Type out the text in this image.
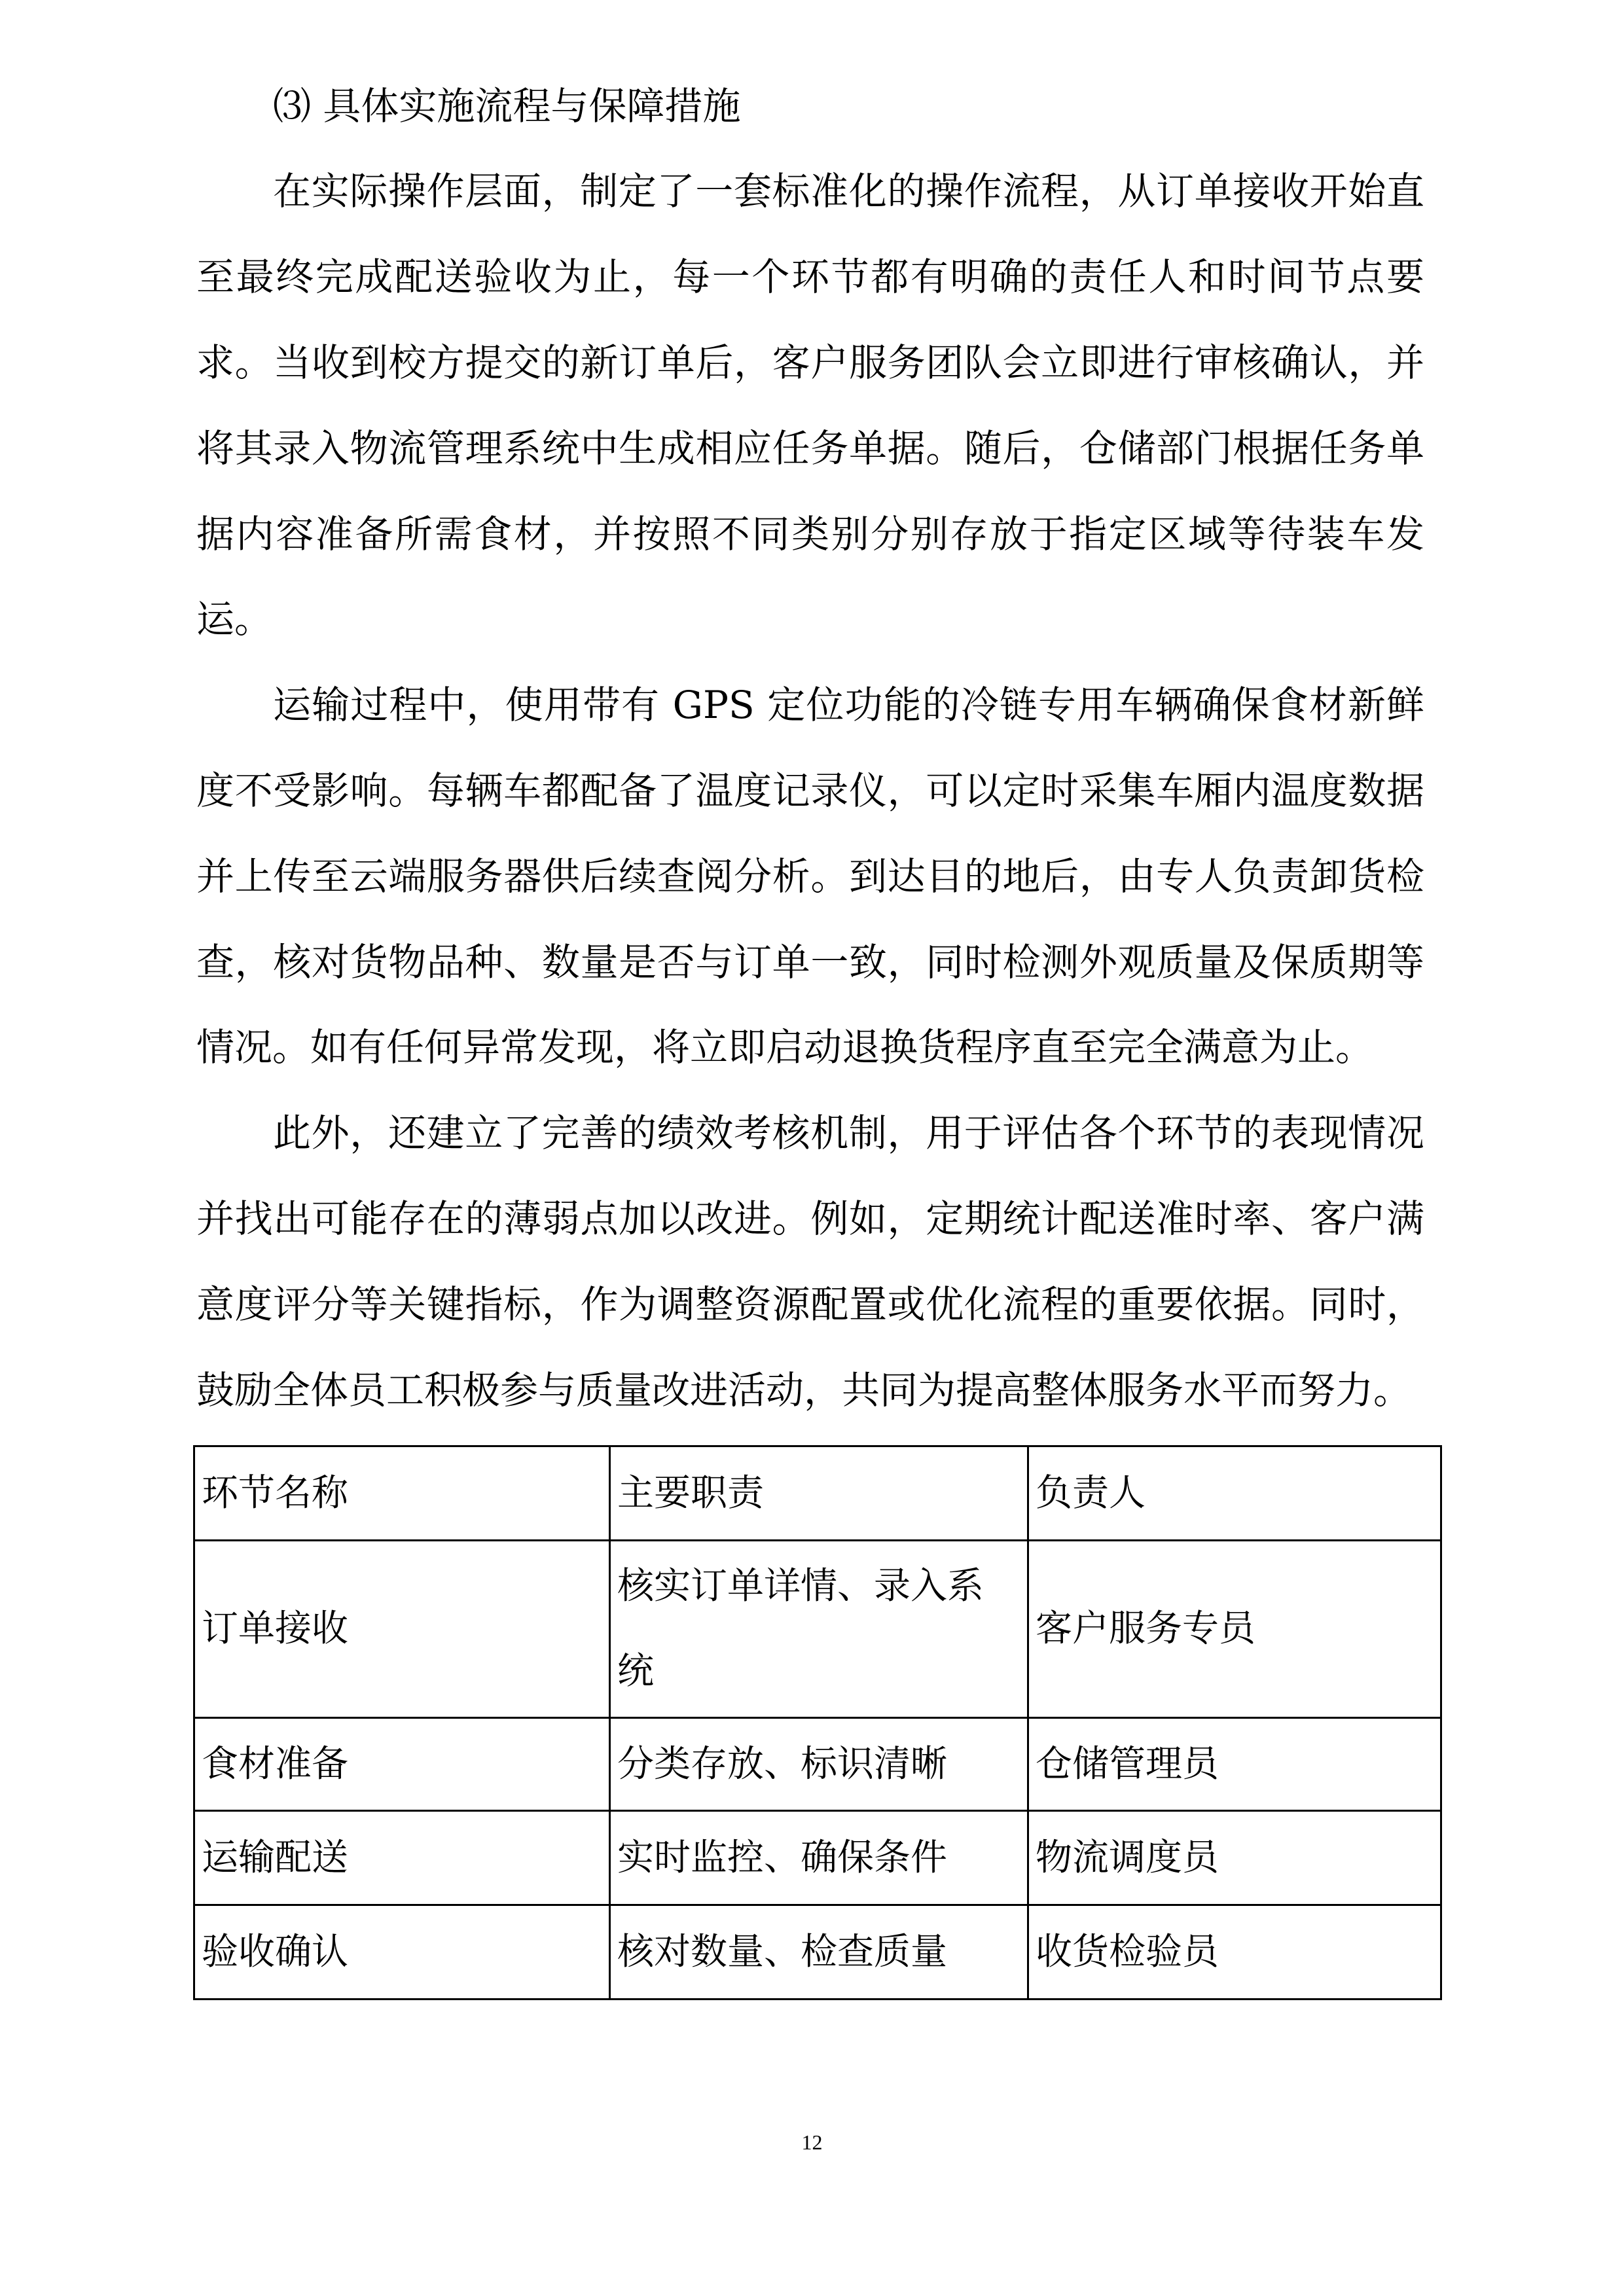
⑶ 具体实施流程与保障措施
在实际操作层面，制定了一套标准化的操作流程，从订单接收开始直
至最终完成配送验收为止，每一个环节都有明确的责任人和时间节点要
求。当收到校方提交的新订单后，客户服务团队会立即进行审核确认，并
将其录入物流管理系统中生成相应任务单据。随后，仓储部门根据任务单
据内容准备所需食材，并按照不同类别分别存放于指定区域等待装车发
运。
运输过程中，使用带有 GPS 定位功能的冷链专用车辆确保食材新鲜
度不受影响。每辆车都配备了温度记录仪，可以定时采集车厢内温度数据
并上传至云端服务器供后续查阅分析。到达目的地后，由专人负责卸货检
查，核对货物品种、数量是否与订单一致，同时检测外观质量及保质期等
情况。如有任何异常发现，将立即启动退换货程序直至完全满意为止。
此外，还建立了完善的绩效考核机制，用于评估各个环节的表现情况
并找出可能存在的薄弱点加以改进。例如，定期统计配送准时率、客户满
意度评分等关键指标，作为调整资源配置或优化流程的重要依据。同时，
鼓励全体员工积极参与质量改进活动，共同为提高整体服务水平而努力。
环节名称	主要职责	负责人
订单接收	核实订单详情、录入系统	客户服务专员
食材准备	分类存放、标识清晰	仓储管理员
运输配送	实时监控、确保条件	物流调度员
验收确认	核对数量、检查质量	收货检验员
12
